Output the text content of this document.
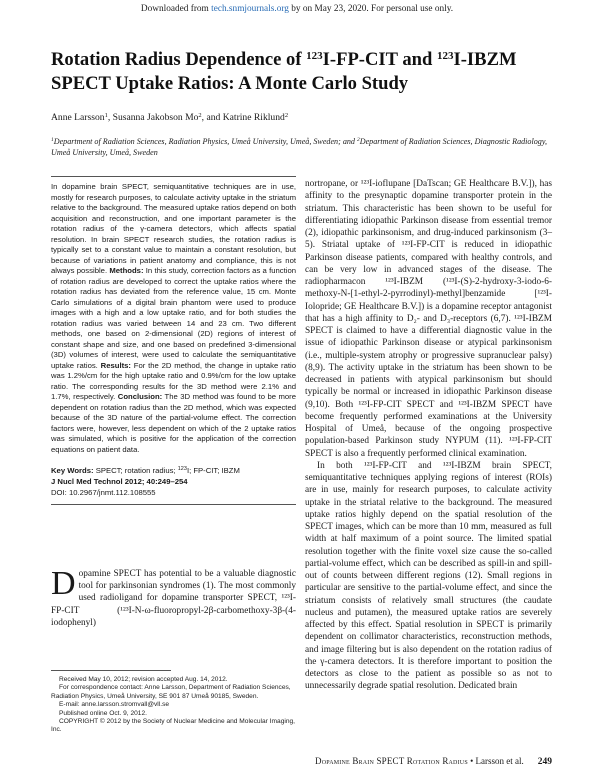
Downloaded from tech.snmjournals.org by on May 23, 2020. For personal use only.
Rotation Radius Dependence of $^{123}$I-FP-CIT and $^{123}$I-IBZM SPECT Uptake Ratios: A Monte Carlo Study
Anne Larsson$^1$, Susanna Jakobson Mo$^2$, and Katrine Riklund$^2$
$^1$Department of Radiation Sciences, Radiation Physics, Umeå University, Umeå, Sweden; and $^2$Department of Radiation Sciences, Diagnostic Radiology, Umeå University, Umeå, Sweden
In dopamine brain SPECT, semiquantitative techniques are in use, mostly for research purposes, to calculate activity uptake in the striatum relative to the background. The measured uptake ratios depend on both acquisition and reconstruction, and one important parameter is the rotation radius of the γ-camera detectors, which affects spatial resolution. In brain SPECT research studies, the rotation radius is typically set to a constant value to maintain a constant resolution, but because of variations in patient anatomy and compliance, this is not always possible. Methods: In this study, correction factors as a function of rotation radius are developed to correct the uptake ratios where the rotation radius has deviated from the reference value, 15 cm. Monte Carlo simulations of a digital brain phantom were used to produce images with a high and a low uptake ratio, and for both studies the rotation radius was varied between 14 and 23 cm. Two different methods, one based on 2-dimensional (2D) regions of interest of constant shape and size, and one based on predefined 3-dimensional (3D) volumes of interest, were used to calculate the semiquantitative uptake ratios. Results: For the 2D method, the change in uptake ratio was 1.2%/cm for the high uptake ratio and 0.9%/cm for the low uptake ratio. The corresponding results for the 3D method were 2.1% and 1.7%, respectively. Conclusion: The 3D method was found to be more dependent on rotation radius than the 2D method, which was expected because of the 3D nature of the partial-volume effect. The correction factors were, however, less dependent on which of the 2 uptake ratios was simulated, which is positive for the application of the correction equations on patient data.
Key Words: SPECT; rotation radius; $^{123}$I; FP-CIT; IBZM
J Nucl Med Technol 2012; 40:249–254
DOI: 10.2967/jnmt.112.108555
Dopamine SPECT has potential to be a valuable diagnostic tool for parkinsonian syndromes (1). The most commonly used radioligand for dopamine transporter SPECT, ¹²³I-FP-CIT (¹²³I-N-ω-fluoropropyl-2β-carbomethoxy-3β-(4-iodophenyl)

Received May 10, 2012; revision accepted Aug. 14, 2012.

For correspondence contact: Anne Larsson, Department of Radiation Sciences, Radiation Physics, Umeå University, SE 901 87 Umeå 90185, Sweden.

E-mail: anne.larsson.stromvall@vll.se

Published online Oct. 9, 2012.

COPYRIGHT © 2012 by the Society of Nuclear Medicine and Molecular Imaging, Inc.

nortropane, or ¹²³I-ioflupane [DaTscan; GE Healthcare B.V.]), has affinity to the presynaptic dopamine transporter protein in the striatum. This characteristic has been shown to be useful for differentiating idiopathic Parkinson disease from essential tremor (2), idiopathic parkinsonism, and drug-induced parkinsonism (3–5). Striatal uptake of ¹²³I-FP-CIT is reduced in idiopathic Parkinson disease patients, compared with healthy controls, and can be very low in advanced stages of the disease. The radiopharmacon ¹²³I-IBZM (¹²³I-(S)-2-hydroxy-3-iodo-6-methoxy-N-[1-ethyl-2-pyrrodinyl)-methyl]benzamide [¹²³I-Iolopride; GE Healthcare B.V.]) is a dopamine receptor antagonist that has a high affinity to D₂- and D₃-receptors (6,7). ¹²³I-IBZM SPECT is claimed to have a differential diagnostic value in the issue of idiopathic Parkinson disease or atypical parkinsonism (i.e., multiple-system atrophy or progressive supranuclear palsy) (8,9). The activity uptake in the striatum has been shown to be decreased in patients with atypical parkinsonism but should typically be normal or increased in idiopathic Parkinson disease (9,10). Both ¹²³I-FP-CIT SPECT and ¹²³I-IBZM SPECT have become frequently performed examinations at the University Hospital of Umeå, because of the ongoing prospective population-based Parkinson study NYPUM (11). ¹²³I-FP-CIT SPECT is also a frequently performed clinical examination.

In both ¹²³I-FP-CIT and ¹²³I-IBZM brain SPECT, semiquantitative techniques applying regions of interest (ROIs) are in use, mainly for research purposes, to calculate activity uptake in the striatal relative to the background. The measured uptake ratios highly depend on the spatial resolution of the SPECT images, which can be more than 10 mm, measured as full width at half maximum of a point source. The limited spatial resolution together with the finite voxel size cause the so-called partial-volume effect, which can be described as spill-in and spill-out of counts between different regions (12). Small regions in particular are sensitive to the partial-volume effect, and since the striatum consists of relatively small structures (the caudate nucleus and putamen), the measured uptake ratios are severely affected by this effect. Spatial resolution in SPECT is primarily dependent on collimator characteristics, reconstruction methods, and image filtering but is also dependent on the rotation radius of the γ-camera detectors. It is therefore important to position the detectors as close to the patient as possible so as not to unnecessarily degrade spatial resolution. Dedicated brain

Dopamine Brain SPECT Rotation Radius • Larsson et al. 249
